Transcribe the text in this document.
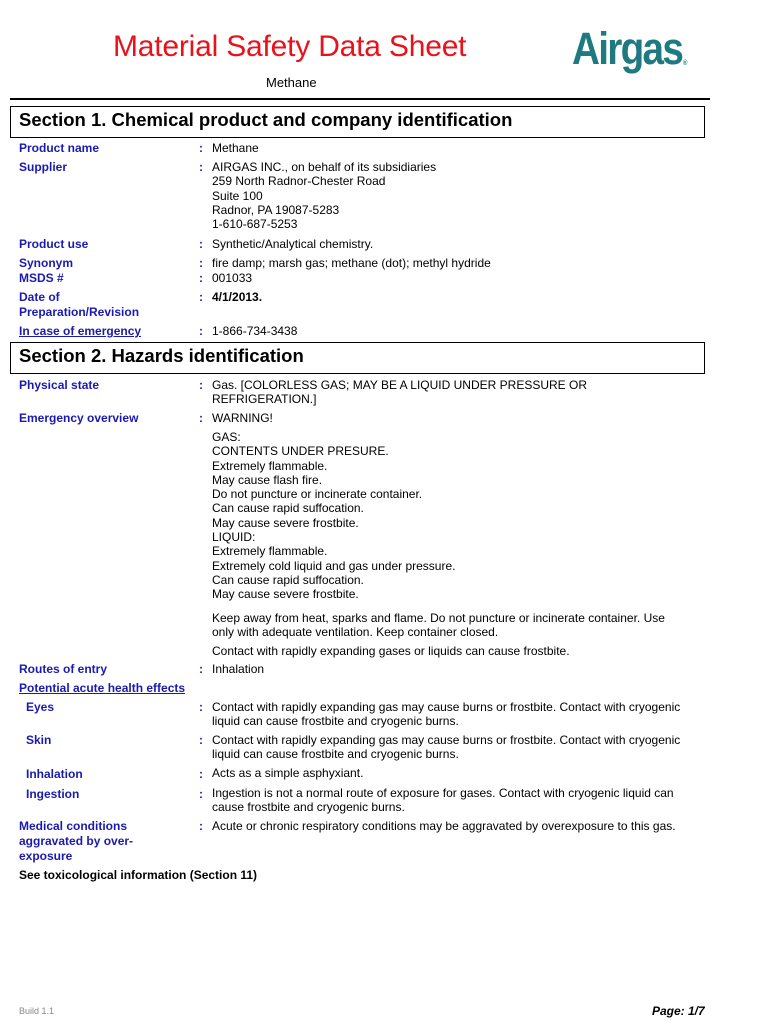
Material Safety Data Sheet
Methane
Airgas®
Section 1. Chemical product and company identification
Product name	: Methane
Supplier	: AIRGAS INC., on behalf of its subsidiaries
259 North Radnor-Chester Road
Suite 100
Radnor, PA 19087-5283
1-610-687-5253
Product use	: Synthetic/Analytical chemistry.
Synonym	: fire damp; marsh gas; methane (dot); methyl hydride
MSDS #	: 001033
Date of
Preparation/Revision
: 4/1/2013.
In case of emergency	: 1-866-734-3438
Section 2. Hazards identification
Physical state	: Gas. [COLORLESS GAS; MAY BE A LIQUID UNDER PRESSURE OR
REFRIGERATION.]
Emergency overview	: WARNING!
GAS:
CONTENTS UNDER PRESURE.
Extremely flammable.
May cause flash fire.
Do not puncture or incinerate container.
Can cause rapid suffocation.
May cause severe frostbite.
LIQUID:
Extremely flammable.
Extremely cold liquid and gas under pressure.
Can cause rapid suffocation.
May cause severe frostbite.
Keep away from heat, sparks and flame. Do not puncture or incinerate container. Use
only with adequate ventilation. Keep container closed.
Contact with rapidly expanding gases or liquids can cause frostbite.
Routes of entry	: Inhalation
Potential acute health effects
Eyes	: Contact with rapidly expanding gas may cause burns or frostbite. Contact with cryogenic
liquid can cause frostbite and cryogenic burns.
Skin	: Contact with rapidly expanding gas may cause burns or frostbite. Contact with cryogenic
liquid can cause frostbite and cryogenic burns.
Inhalation	: Acts as a simple asphyxiant.
Ingestion	: Ingestion is not a normal route of exposure for gases. Contact with cryogenic liquid can
cause frostbite and cryogenic burns.
Medical conditions
aggravated by over-
exposure
: Acute or chronic respiratory conditions may be aggravated by overexposure to this gas.
See toxicological information (Section 11)
Build 1.1	Page: 1/7
